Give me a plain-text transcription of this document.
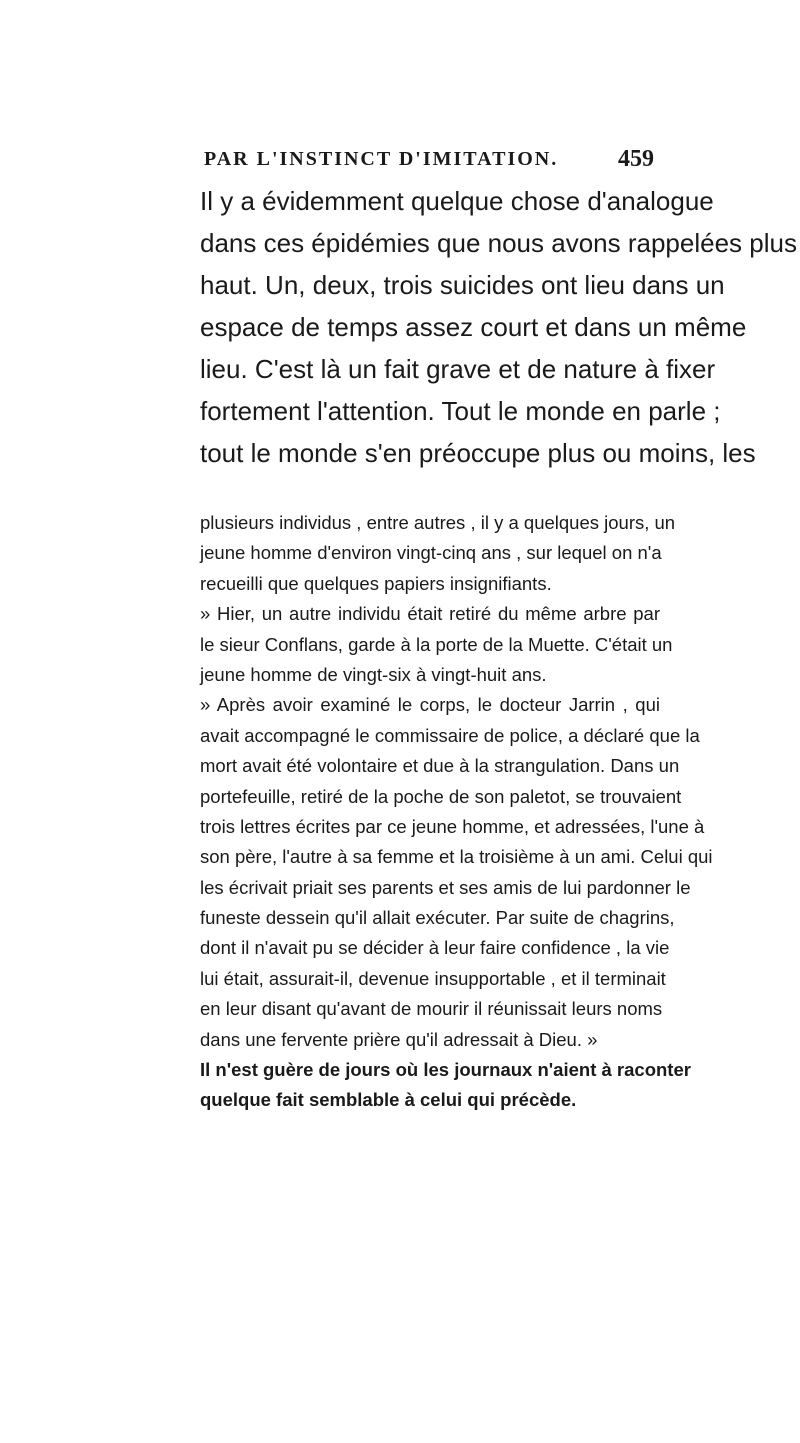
PAR L'INSTINCT D'IMITATION. 459
Il y a évidemment quelque chose d'analogue
dans ces épidémies que nous avons rappelées plus
haut. Un, deux, trois suicides ont lieu dans un
espace de temps assez court et dans un même
lieu. C'est là un fait grave et de nature à fixer
fortement l'attention. Tout le monde en parle ;
tout le monde s'en préoccupe plus ou moins, les
plusieurs individus , entre autres , il y a quelques jours, un
jeune homme d'environ vingt-cinq ans , sur lequel on n'a
recueilli que quelques papiers insignifiants.
» Hier, un autre individu était retiré du même arbre par
le sieur Conflans, garde à la porte de la Muette. C'était un
jeune homme de vingt-six à vingt-huit ans.
» Après avoir examiné le corps, le docteur Jarrin , qui
avait accompagné le commissaire de police, a déclaré que la
mort avait été volontaire et due à la strangulation. Dans un
portefeuille, retiré de la poche de son paletot, se trouvaient
trois lettres écrites par ce jeune homme, et adressées, l'une à
son père, l'autre à sa femme et la troisième à un ami. Celui qui
les écrivait priait ses parents et ses amis de lui pardonner le
funeste dessein qu'il allait exécuter. Par suite de chagrins,
dont il n'avait pu se décider à leur faire confidence , la vie
lui était, assurait-il, devenue insupportable , et il terminait
en leur disant qu'avant de mourir il réunissait leurs noms
dans une fervente prière qu'il adressait à Dieu. »
Il n'est guère de jours où les journaux n'aient à raconter
quelque fait semblable à celui qui précède.
